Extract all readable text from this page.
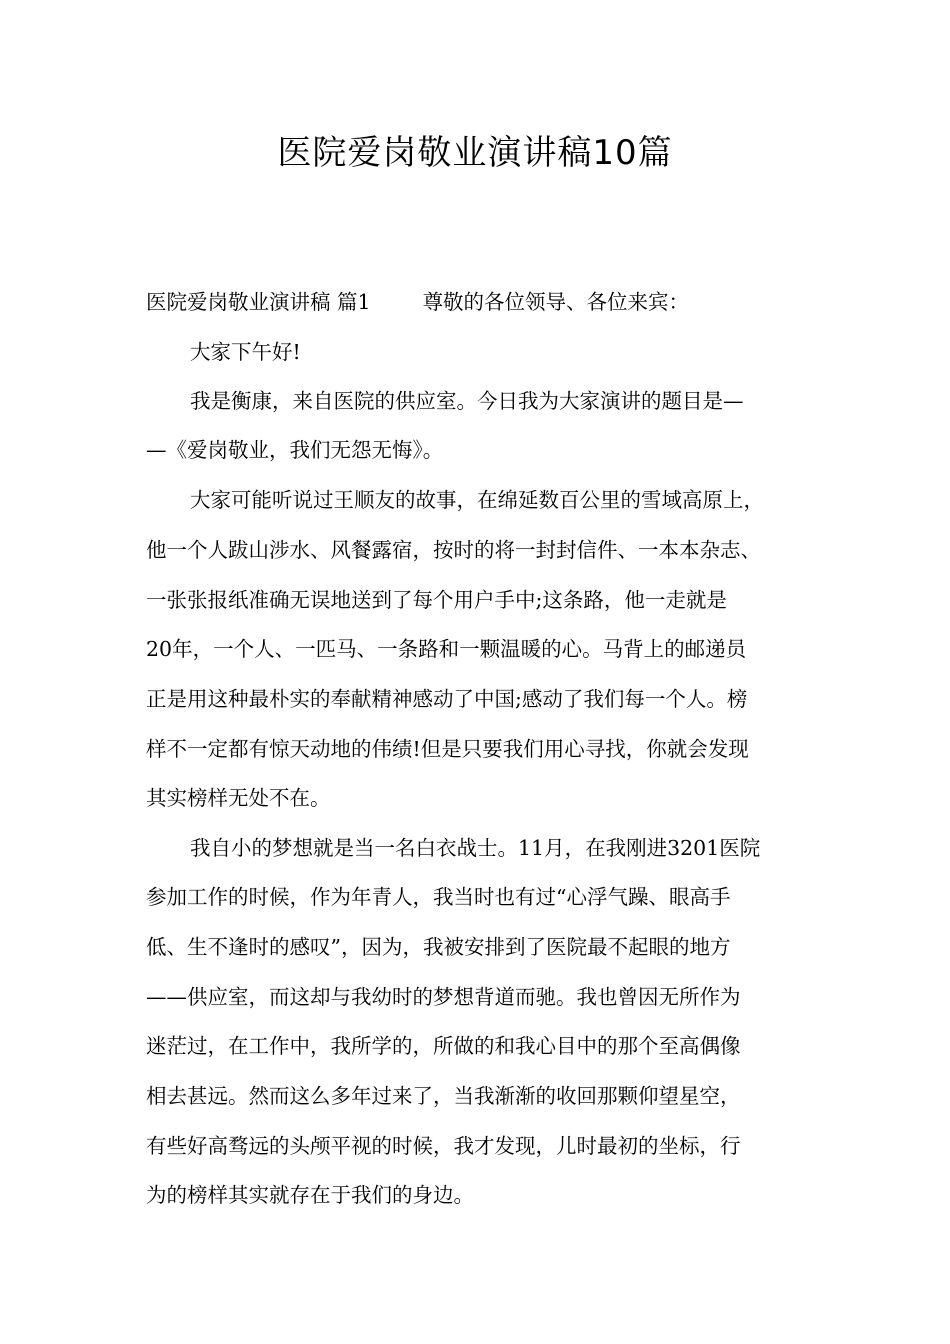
医院爱岗敬业演讲稿10篇
医院爱岗敬业演讲稿 篇1	尊敬的各位领导、各位来宾：
大家下午好!
我是衡康，来自医院的供应室。今日我为大家演讲的题目是—
—《爱岗敬业，我们无怨无悔》。
大家可能听说过王顺友的故事，在绵延数百公里的雪域高原上，
他一个人跋山涉水、风餐露宿，按时的将一封封信件、一本本杂志、
一张张报纸准确无误地送到了每个用户手中;这条路，他一走就是
20年，一个人、一匹马、一条路和一颗温暖的心。马背上的邮递员
正是用这种最朴实的奉献精神感动了中国;感动了我们每一个人。榜
样不一定都有惊天动地的伟绩!但是只要我们用心寻找，你就会发现
其实榜样无处不在。
我自小的梦想就是当一名白衣战士。11月，在我刚进3201医院
参加工作的时候，作为年青人，我当时也有过“心浮气躁、眼高手
低、生不逢时的感叹”，因为，我被安排到了医院最不起眼的地方
——供应室，而这却与我幼时的梦想背道而驰。我也曾因无所作为
迷茫过，在工作中，我所学的，所做的和我心目中的那个至高偶像
相去甚远。然而这么多年过来了，当我渐渐的收回那颗仰望星空，
有些好高骛远的头颅平视的时候，我才发现，儿时最初的坐标，行
为的榜样其实就存在于我们的身边。
